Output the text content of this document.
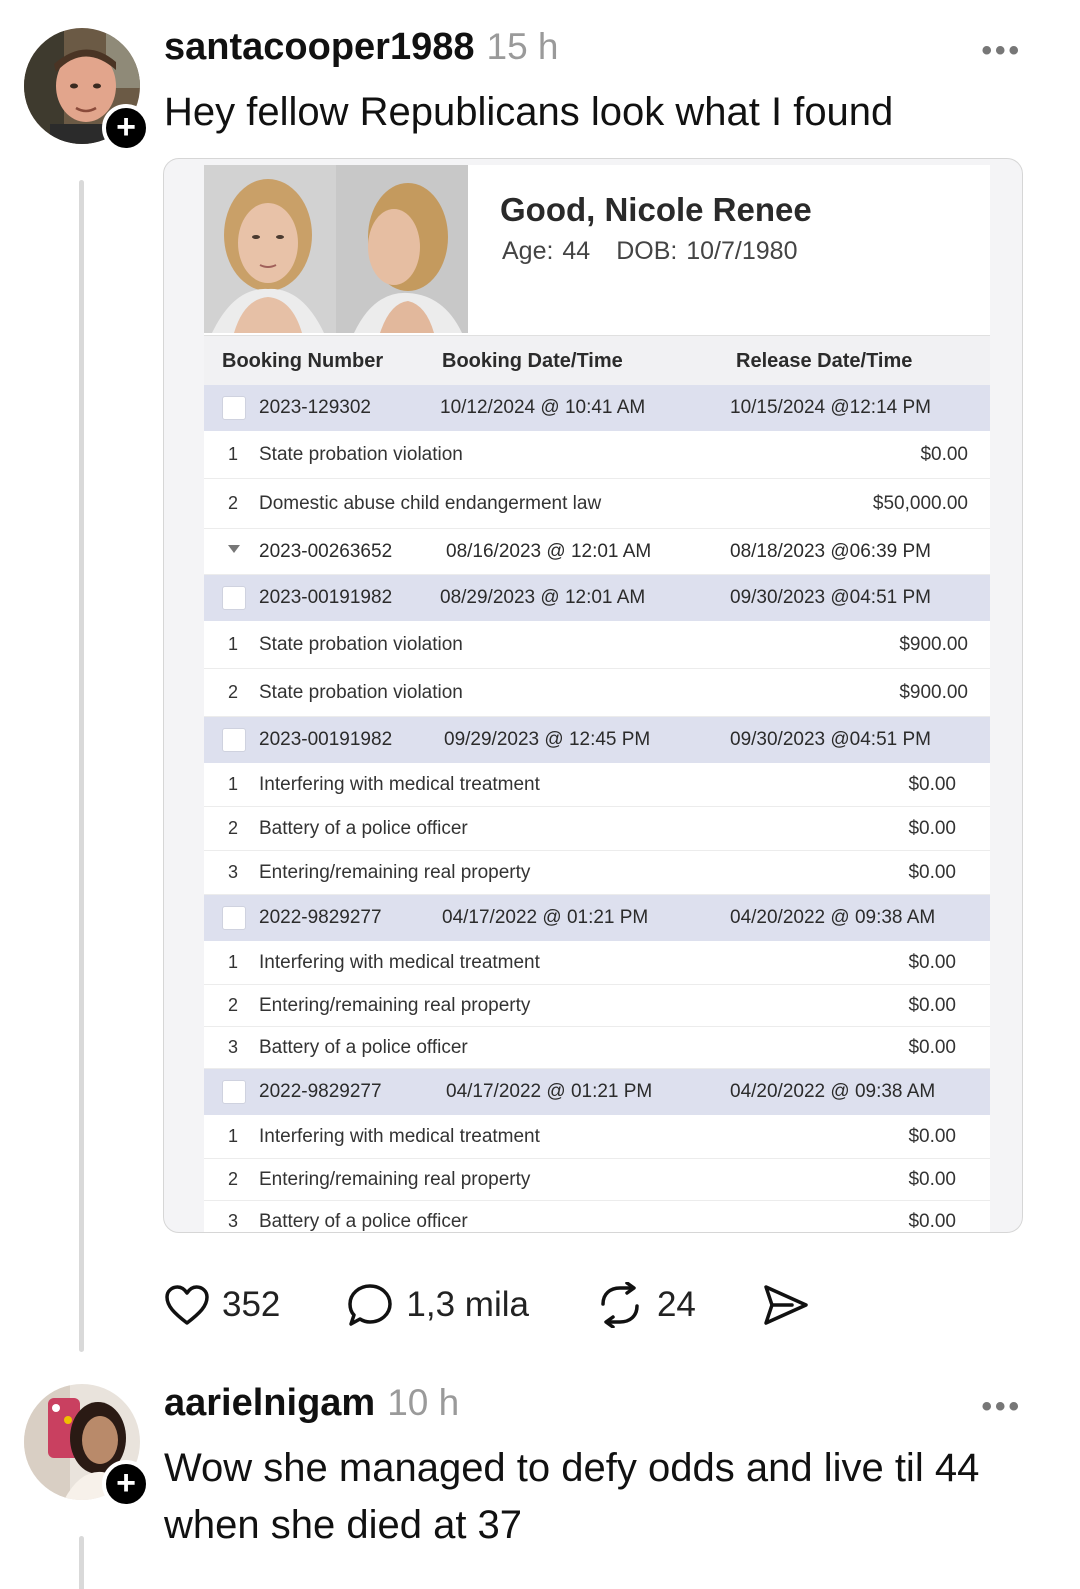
+
santacooper1988 15 h	•••
Hey fellow Republicans look what I found
Good, Nicole Renee
Age: 44 DOB: 10/7/1980
Booking Number	Booking Date/Time	Release Date/Time
2023-129302	10/12/2024 @ 10:41 AM	10/15/2024 @12:14 PM
1 State probation violation	$0.00
2 Domestic abuse child endangerment law	$50,000.00
2023-00263652	08/16/2023 @ 12:01 AM	08/18/2023 @06:39 PM
2023-00191982	08/29/2023 @ 12:01 AM	09/30/2023 @04:51 PM
1 State probation violation	$900.00
2 State probation violation	$900.00
2023-00191982	09/29/2023 @ 12:45 PM	09/30/2023 @04:51 PM
1 Interfering with medical treatment	$0.00
2 Battery of a police officer	$0.00
3 Entering/remaining real property	$0.00
2022-9829277	04/17/2022 @ 01:21 PM	04/20/2022 @ 09:38 AM
1 Interfering with medical treatment	$0.00
2 Entering/remaining real property	$0.00
3 Battery of a police officer	$0.00
2022-9829277	04/17/2022 @ 01:21 PM	04/20/2022 @ 09:38 AM
1 Interfering with medical treatment	$0.00
2 Entering/remaining real property	$0.00
3 Battery of a police officer	$0.00
352	1,3 mila	24
+
aarielnigam 10 h	•••
Wow she managed to defy odds and live til 44 when she died at 37
